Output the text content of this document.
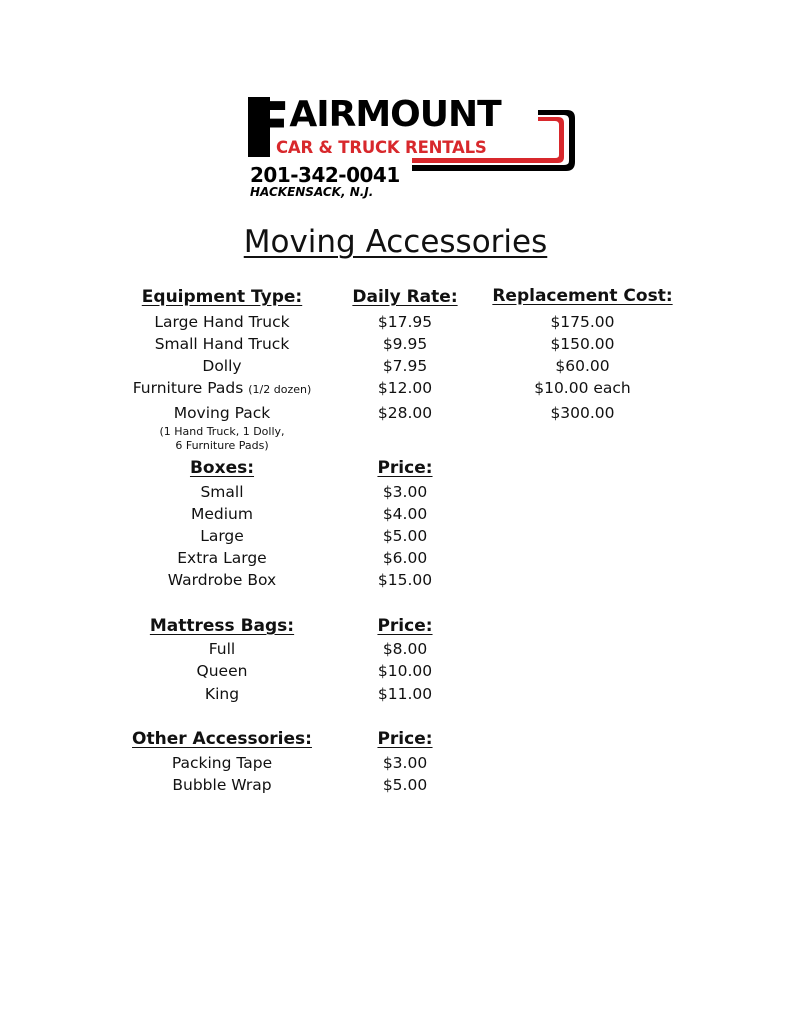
FAIRMOUNT
CAR & TRUCK RENTALS
201-342-0041
HACKENSACK, N.J.
Moving Accessories
Equipment Type:	Daily Rate:	Replacement Cost:
Large Hand Truck	$17.95	$175.00
Small Hand Truck	$9.95	$150.00
Dolly	$7.95	$60.00
Furniture Pads (1/2 dozen)	$12.00	$10.00 each
Moving Pack	$28.00	$300.00
(1 Hand Truck, 1 Dolly,
6 Furniture Pads)
Boxes:	Price:
Small	$3.00
Medium	$4.00
Large	$5.00
Extra Large	$6.00
Wardrobe Box	$15.00
Mattress Bags:	Price:
Full	$8.00
Queen	$10.00
King	$11.00
Other Accessories:	Price:
Packing Tape	$3.00
Bubble Wrap	$5.00
